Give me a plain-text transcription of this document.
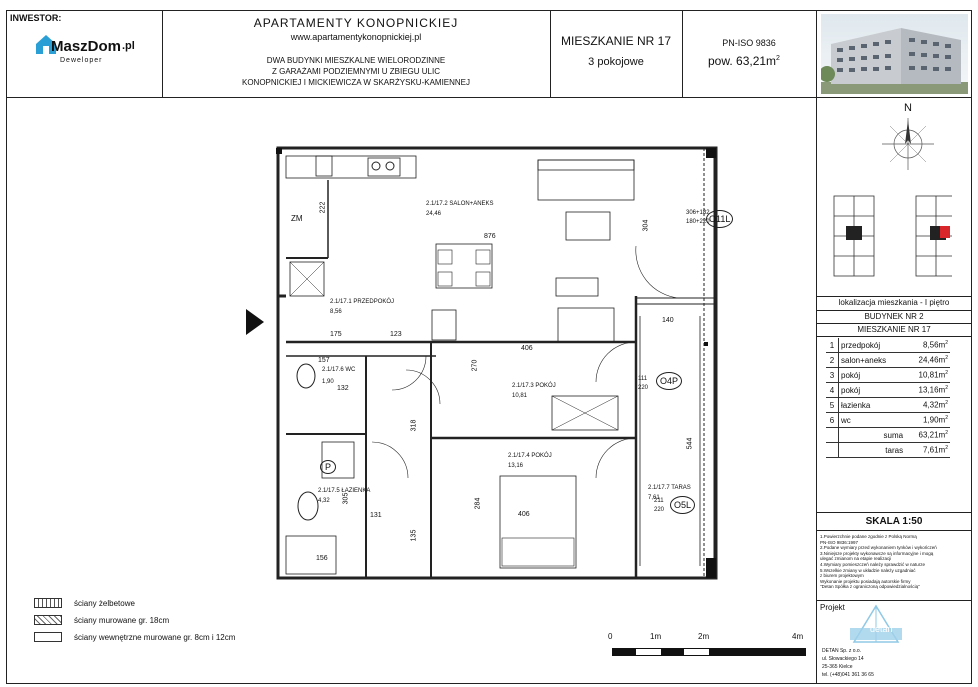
INWESTOR:
MaszDom .pl
Deweloper
APARTAMENTY KONOPNICKIEJ
www.apartamentykonopnickiej.pl
DWA BUDYNKI MIESZKALNE WIELORODZINNE
Z GARAŻAMI PODZIEMNYMI U ZBIEGU ULIC
KONOPNICKIEJ I MICKIEWICZA W SKARŻYSKU-KAMIENNEJ
MIESZKANIE NR 17
3 pokojowe
PN-ISO 9836
pow. $63,21m^2$
N
lokalizacja mieszkania - I piętro
BUDYNEK NR 2
MIESZKANIE NR 17
1	przedpokój	$8,56m^2$
2	salon+aneks	$24,46m^2$
3	pokój	$10,81m^2$
4	pokój	$13,16m^2$
5	łazienka	$4,32m^2$
6	wc	$1,90m^2$
	suma	$63,21m^2$
	taras	$7,61m^2$
SKALA 1:50
1.Powierzchnie podane zgodnie z Polską Normą
PN-ISO 9836:1997
2.Podane wymiary przed wykonaniem tynków i wykończeń
3.Niniejsze projekty wykonawcze są informacyjne i mogą
ulegać zmianom na etapie realizacji
4.Wymiary pomieszczeń należy sprawdzić w naturze
5.Wszelkie zmiany w układzie należy uzgadniać
z biurem projektowym
Wykonanie projektu posiadają autorskie firmy
"Detan Spółka z ograniczoną odpowiedzialnością"
Projekt
detan
DETAN Sp. z o.o.
ul. Słowackiego 14
25-365 Kielce
tel. (+48)041 361 36 65
2.1/17.2 SALON+ANEKS
24,46
2.1/17.1 PRZEDPOKÓJ
8,56
2.1/17.6 WC
1,90
2.1/17.5 ŁAZIENKA
4,32
2.1/17.3 POKÓJ
10,81
2.1/17.4 POKÓJ
13,16
2.1/17.7 TARAS
7,61
ZM
P
O11L
O4P
O5L
876
304
222
175	123
157
406
406
270
318
284
544
140
131
156
305
135
132
306+182
180+220
111
220
211
220
ściany żelbetowe
ściany murowane gr. 18cm
ściany wewnętrzne murowane gr. 8cm i 12cm	0	1m	2m	4m
